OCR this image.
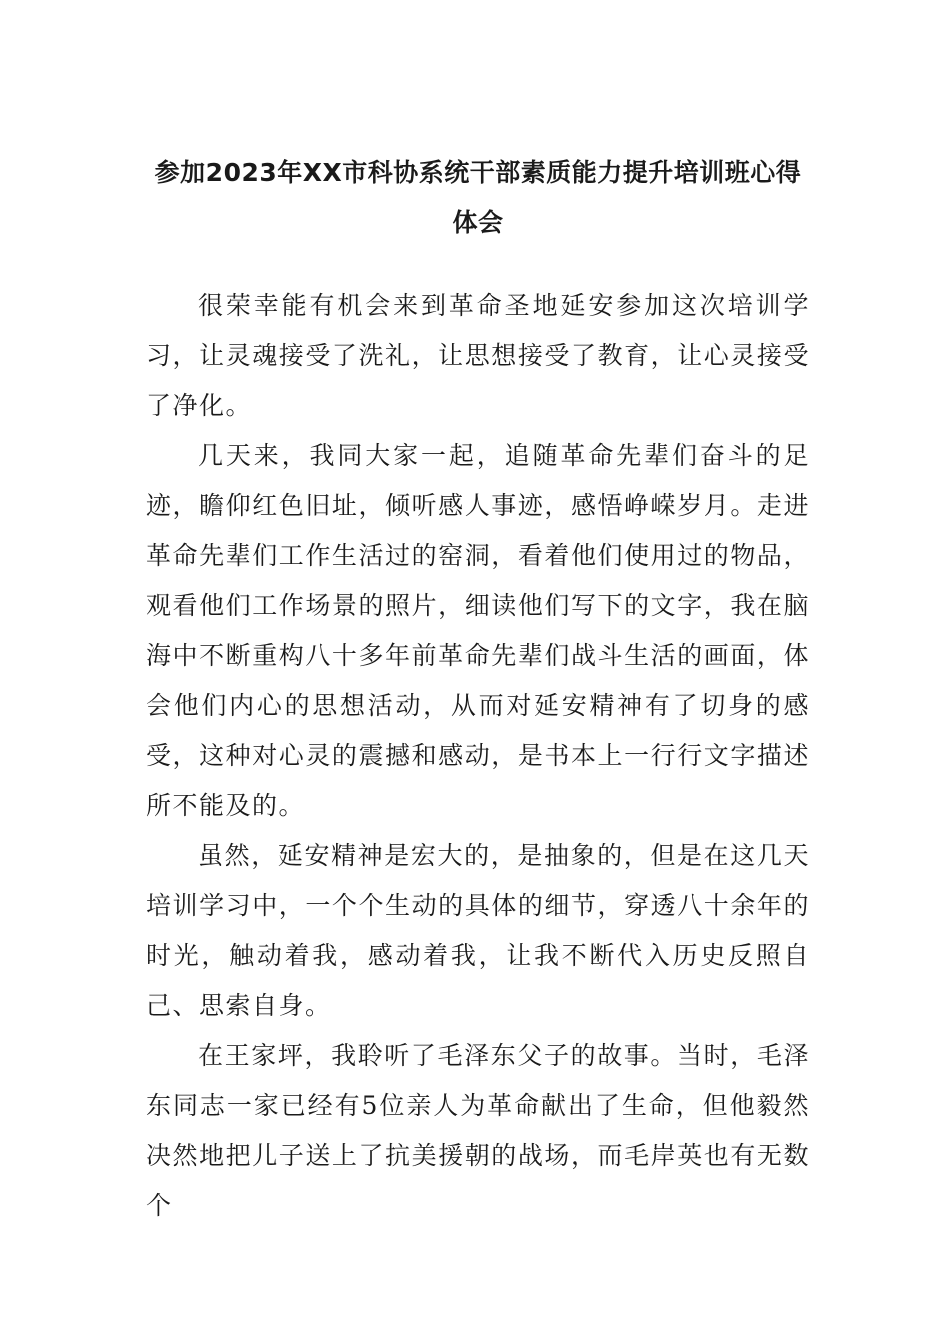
参加2023年XX市科协系统干部素质能力提升培训班心得体会

很荣幸能有机会来到革命圣地延安参加这次培训学习，让灵魂接受了洗礼，让思想接受了教育，让心灵接受了净化。

几天来，我同大家一起，追随革命先辈们奋斗的足迹，瞻仰红色旧址，倾听感人事迹，感悟峥嵘岁月。走进革命先辈们工作生活过的窑洞，看着他们使用过的物品，观看他们工作场景的照片，细读他们写下的文字，我在脑海中不断重构八十多年前革命先辈们战斗生活的画面，体会他们内心的思想活动，从而对延安精神有了切身的感受，这种对心灵的震撼和感动，是书本上一行行文字描述所不能及的。

虽然，延安精神是宏大的，是抽象的，但是在这几天培训学习中，一个个生动的具体的细节，穿透八十余年的时光，触动着我，感动着我，让我不断代入历史反照自己、思索自身。

在王家坪，我聆听了毛泽东父子的故事。当时，毛泽东同志一家已经有5位亲人为革命献出了生命，但他毅然决然地把儿子送上了抗美援朝的战场，而毛岸英也有无数个
